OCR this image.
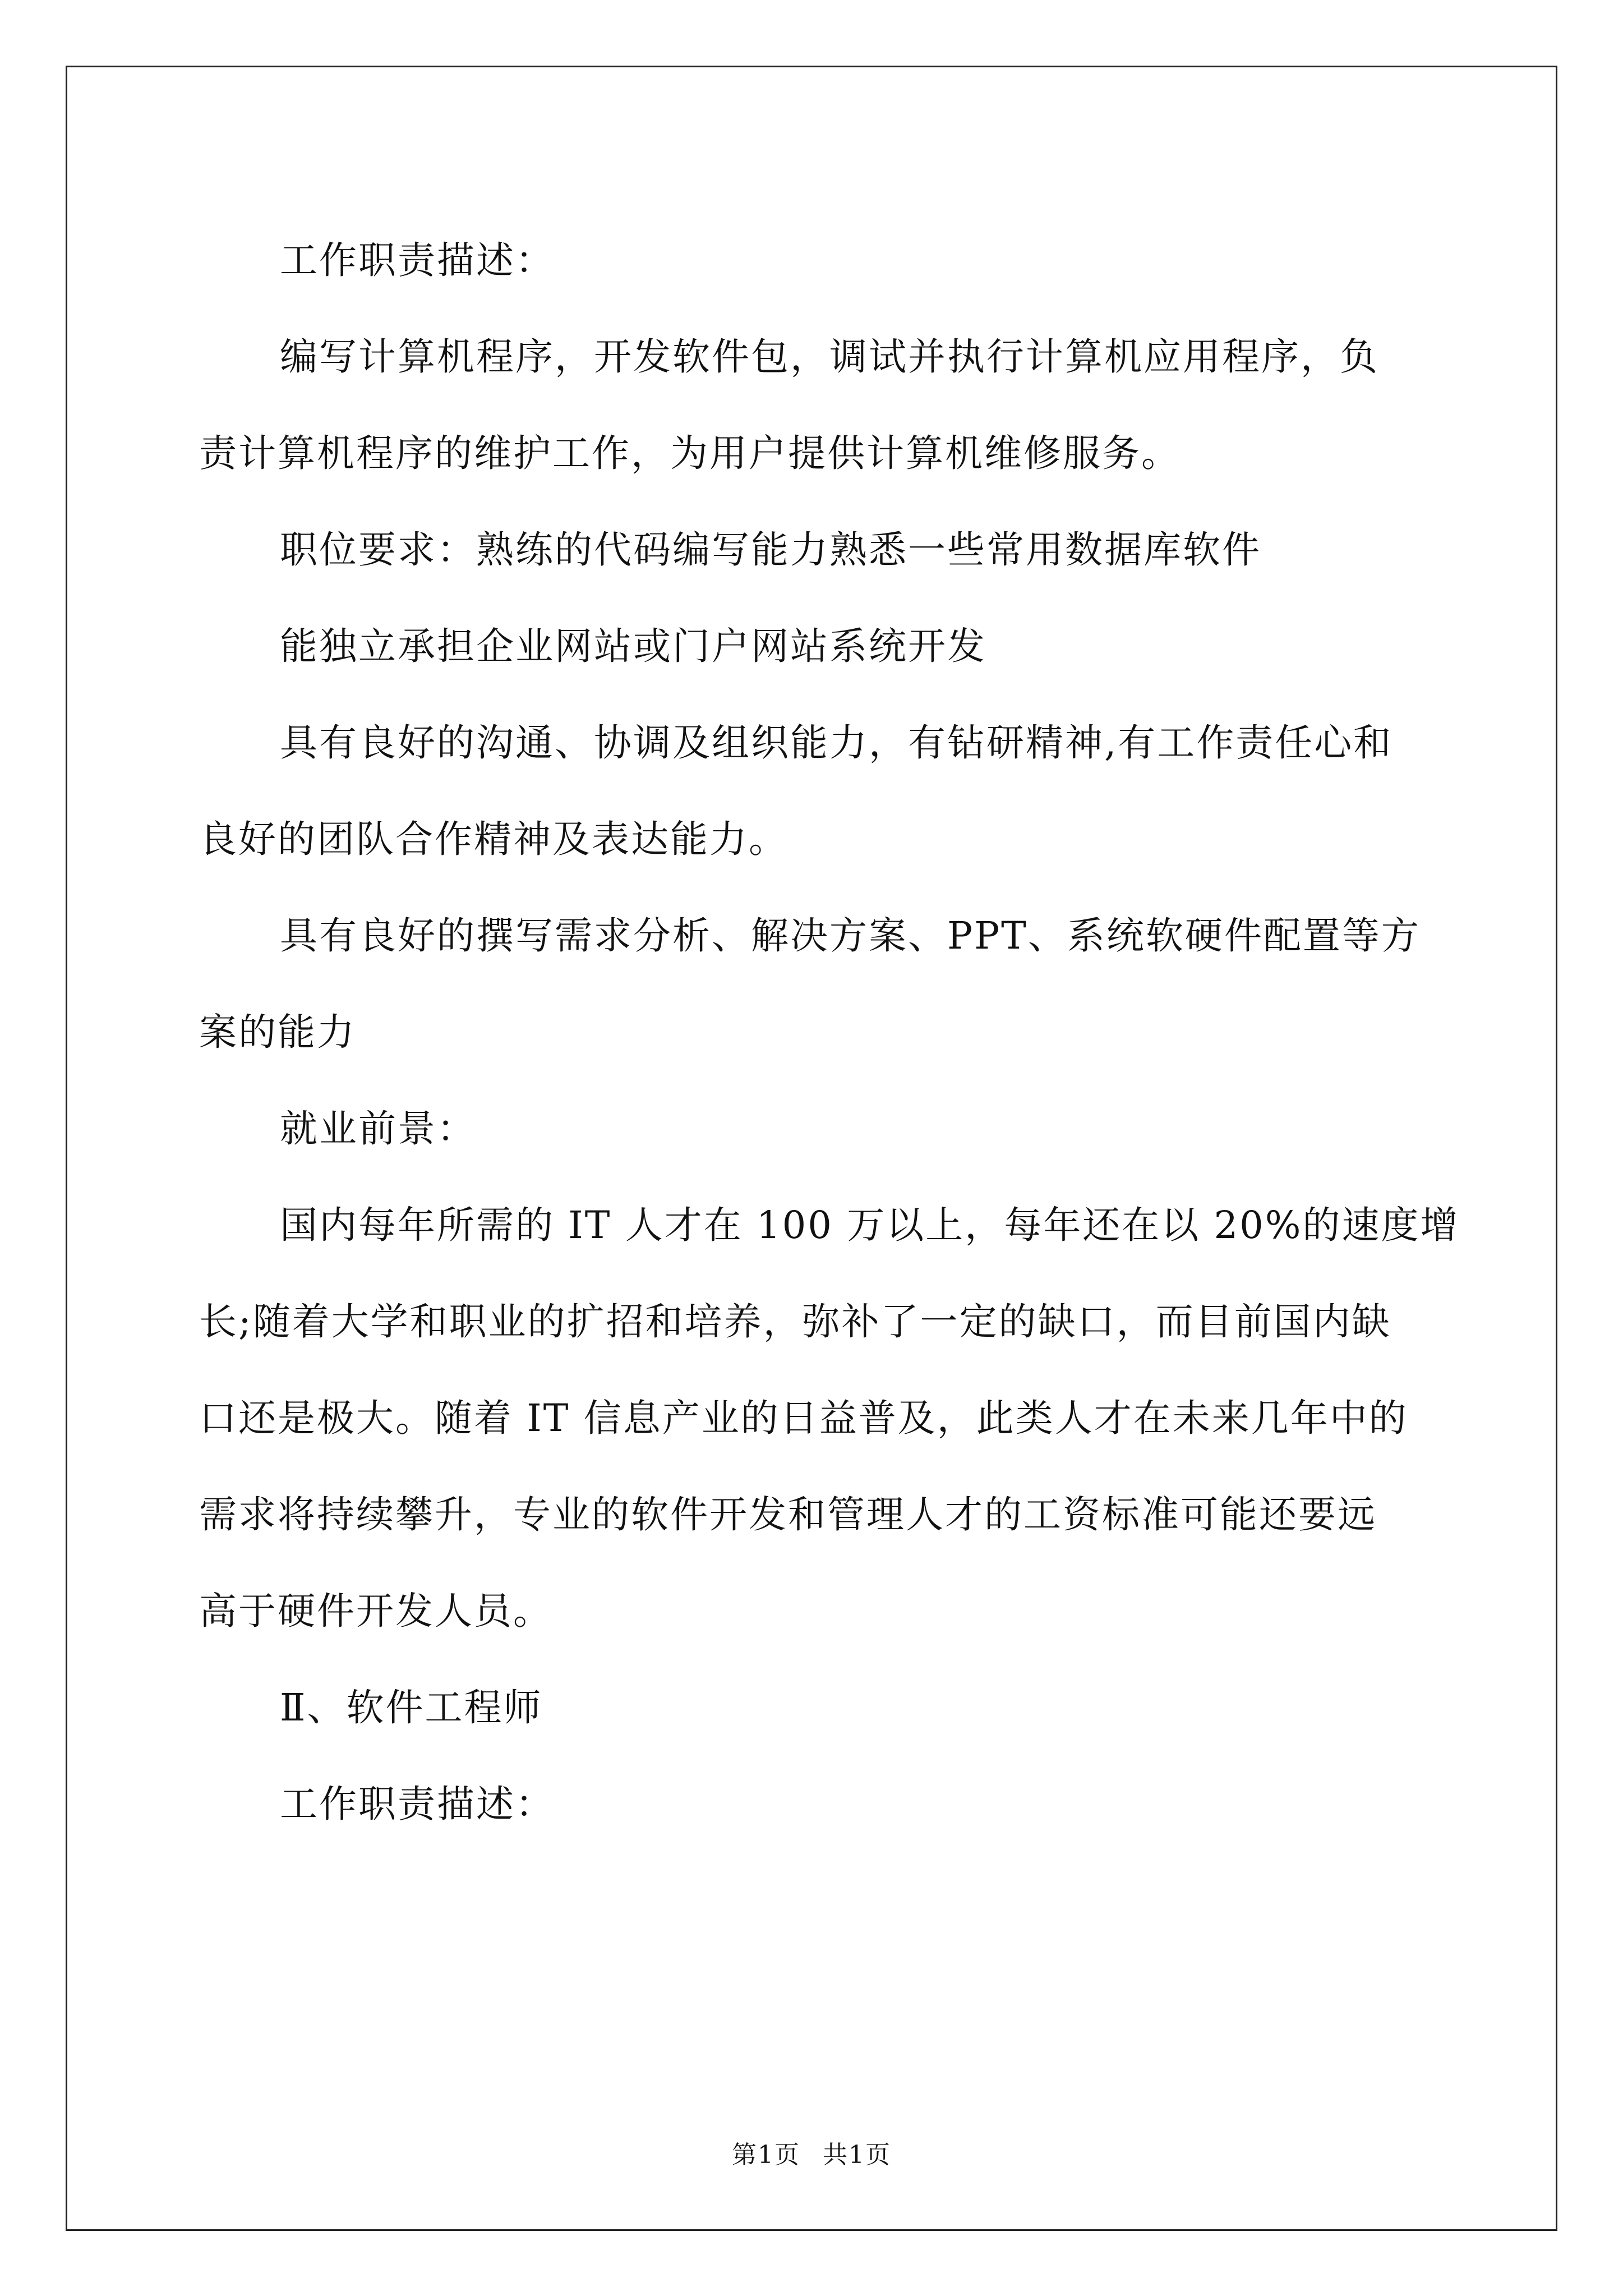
工作职责描述：
编写计算机程序，开发软件包，调试并执行计算机应用程序，负
责计算机程序的维护工作，为用户提供计算机维修服务。
职位要求：熟练的代码编写能力熟悉一些常用数据库软件
能独立承担企业网站或门户网站系统开发
具有良好的沟通、协调及组织能力，有钻研精神,有工作责任心和
良好的团队合作精神及表达能力。
具有良好的撰写需求分析、解决方案、PPT、系统软硬件配置等方
案的能力
就业前景：
国内每年所需的 IT 人才在 100 万以上，每年还在以 20%的速度增
长;随着大学和职业的扩招和培养，弥补了一定的缺口，而目前国内缺
口还是极大。随着 IT 信息产业的日益普及，此类人才在未来几年中的
需求将持续攀升，专业的软件开发和管理人才的工资标准可能还要远
高于硬件开发人员。
Ⅱ、软件工程师
工作职责描述：
第1页 共1页
